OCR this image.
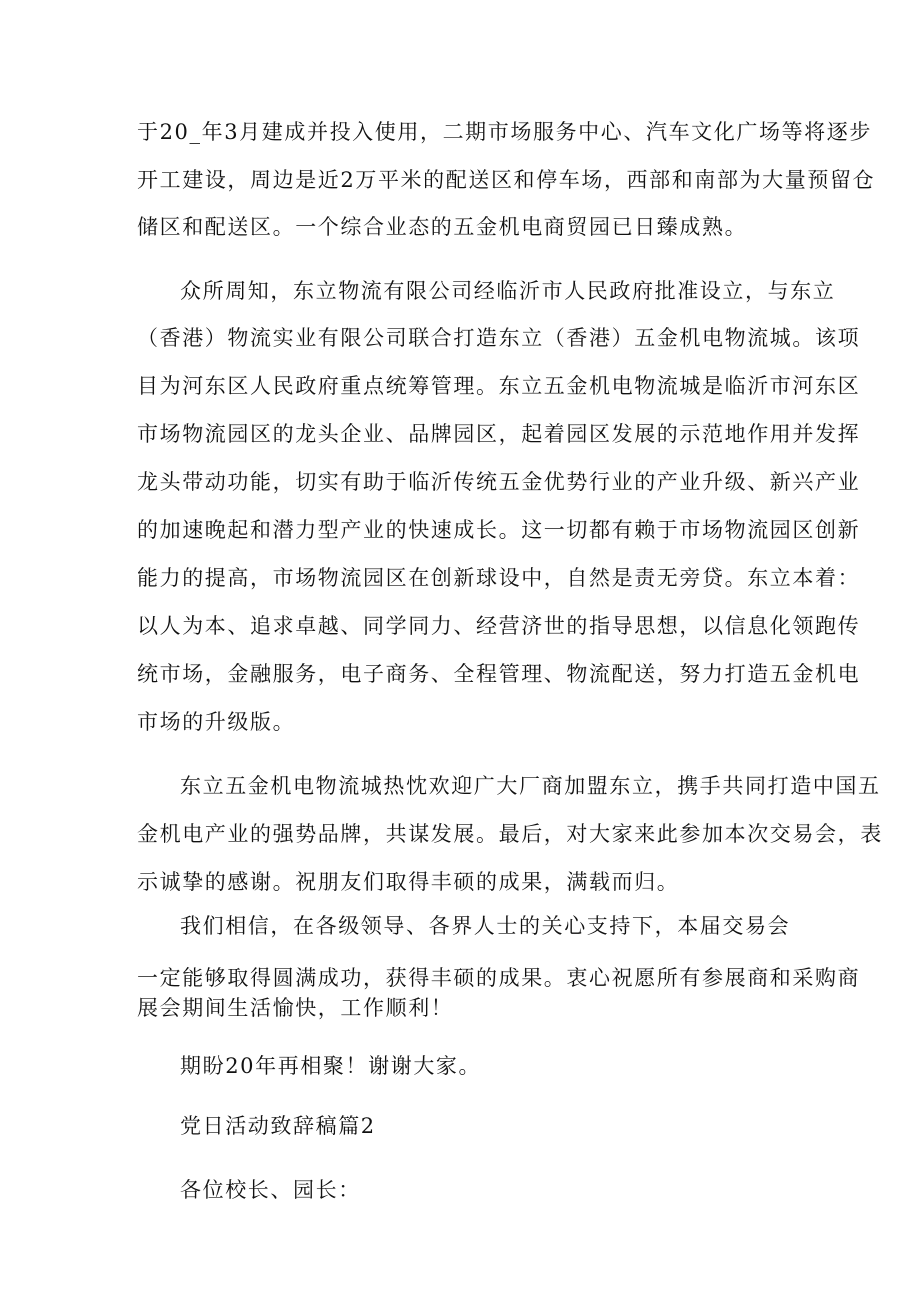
于20_年3月建成并投入使用，二期市场服务中心、汽车文化广场等将逐步
开工建设，周边是近2万平米的配送区和停车场，西部和南部为大量预留仓
储区和配送区。一个综合业态的五金机电商贸园已日臻成熟。
众所周知，东立物流有限公司经临沂市人民政府批准设立，与东立
（香港）物流实业有限公司联合打造东立（香港）五金机电物流城。该项
目为河东区人民政府重点统筹管理。东立五金机电物流城是临沂市河东区
市场物流园区的龙头企业、品牌园区，起着园区发展的示范地作用并发挥
龙头带动功能，切实有助于临沂传统五金优势行业的产业升级、新兴产业
的加速晚起和潜力型产业的快速成长。这一切都有赖于市场物流园区创新
能力的提高，市场物流园区在创新球设中，自然是责无旁贷。东立本着：
以人为本、追求卓越、同学同力、经营济世的指导思想，以信息化领跑传
统市场，金融服务，电子商务、全程管理、物流配送，努力打造五金机电
市场的升级版。
东立五金机电物流城热忱欢迎广大厂商加盟东立，携手共同打造中国五
金机电产业的强势品牌，共谋发展。最后，对大家来此参加本次交易会，表
示诚挚的感谢。祝朋友们取得丰硕的成果，满载而归。
我们相信，在各级领导、各界人士的关心支持下，本届交易会
一定能够取得圆满成功，获得丰硕的成果。衷心祝愿所有参展商和采购商
展会期间生活愉快，工作顺利！
期盼20年再相聚！谢谢大家。
党日活动致辞稿篇2
各位校长、园长：
